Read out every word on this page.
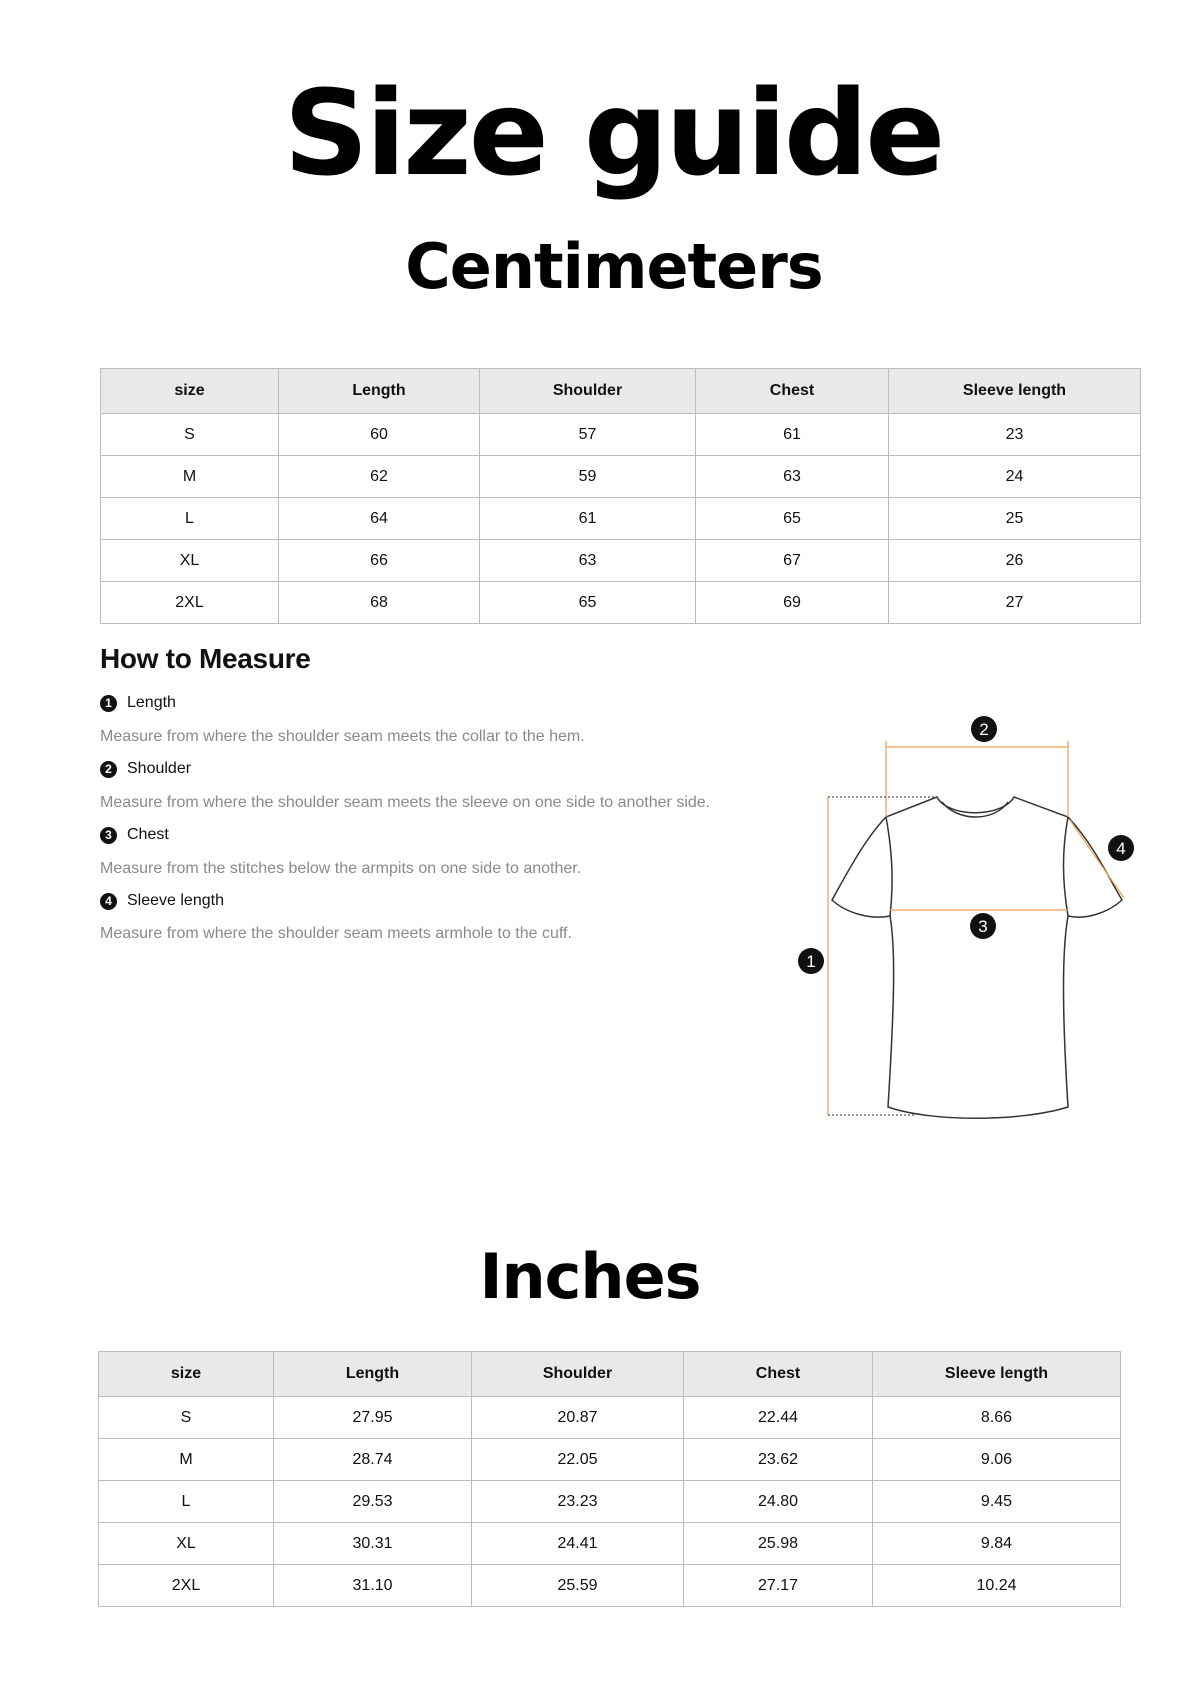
Size guide
Centimeters
size	Length	Shoulder	Chest	Sleeve length
S	60	57	61	23
M	62	59	63	24
L	64	61	65	25
XL	66	63	67	26
2XL	68	65	69	27
How to Measure
1 Length
Measure from where the shoulder seam meets the collar to the hem.
2 Shoulder
Measure from where the shoulder seam meets the sleeve on one side to another side.
3 Chest
Measure from the stitches below the armpits on one side to another.
4 Sleeve length
Measure from where the shoulder seam meets armhole to the cuff.
1
2
3
4
Inches
size	Length	Shoulder	Chest	Sleeve length
S	27.95	20.87	22.44	8.66
M	28.74	22.05	23.62	9.06
L	29.53	23.23	24.80	9.45
XL	30.31	24.41	25.98	9.84
2XL	31.10	25.59	27.17	10.24
